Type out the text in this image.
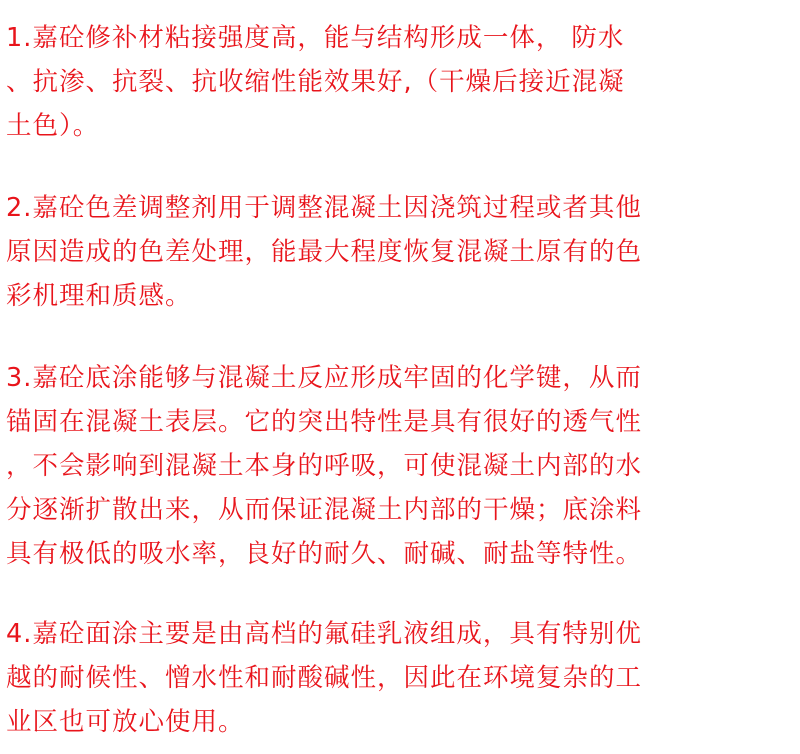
1.嘉砼修补材粘接强度高，能与结构形成一体， 防水
、抗渗、抗裂、抗收缩性能效果好,（干燥后接近混凝
土色）。

2.嘉砼色差调整剂用于调整混凝土因浇筑过程或者其他
原因造成的色差处理，能最大程度恢复混凝土原有的色
彩机理和质感。

3.嘉砼底涂能够与混凝土反应形成牢固的化学键，从而
锚固在混凝土表层。它的突出特性是具有很好的透气性
，不会影响到混凝土本身的呼吸，可使混凝土内部的水
分逐渐扩散出来，从而保证混凝土内部的干燥；底涂料
具有极低的吸水率，良好的耐久、耐碱、耐盐等特性。

4.嘉砼面涂主要是由高档的氟硅乳液组成，具有特别优
越的耐候性、憎水性和耐酸碱性，因此在环境复杂的工
业区也可放心使用。
